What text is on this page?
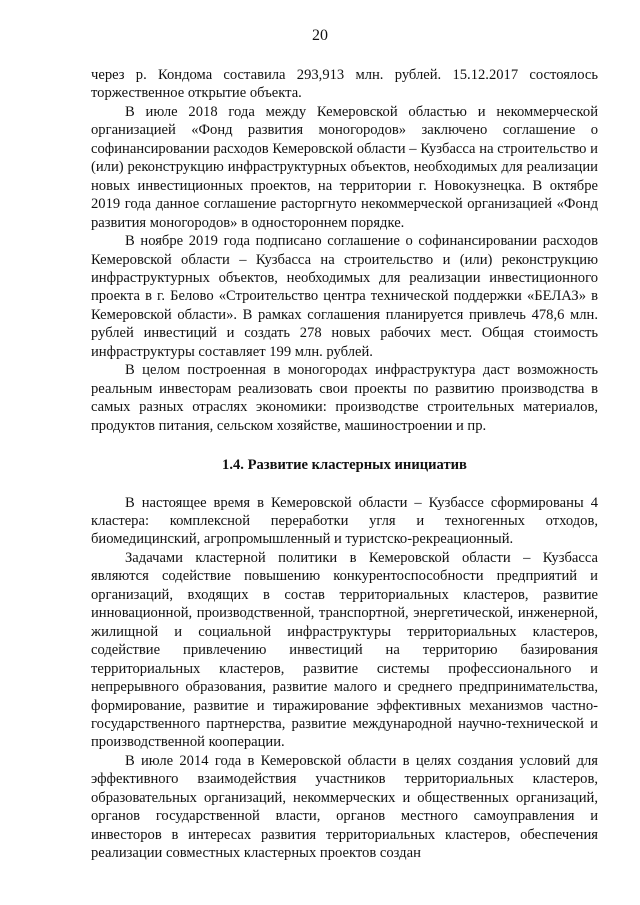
20

через р. Кондома составила 293,913 млн. рублей. 15.12.2017 состоялось торжественное открытие объекта.

В июле 2018 года между Кемеровской областью и некоммерческой организацией «Фонд развития моногородов» заключено соглашение о софинансировании расходов Кемеровской области – Кузбасса на строительство и (или) реконструкцию инфраструктурных объектов, необходимых для реализации новых инвестиционных проектов, на территории г. Новокузнецка. В октябре 2019 года данное соглашение расторгнуто некоммерческой организацией «Фонд развития моногородов» в одностороннем порядке.

В ноябре 2019 года подписано соглашение о софинансировании расходов Кемеровской области – Кузбасса на строительство и (или) реконструкцию инфраструктурных объектов, необходимых для реализации инвестиционного проекта в г. Белово «Строительство центра технической поддержки «БЕЛАЗ» в Кемеровской области». В рамках соглашения планируется привлечь 478,6 млн. рублей инвестиций и создать 278 новых рабочих мест. Общая стоимость инфраструктуры составляет 199 млн. рублей.

В целом построенная в моногородах инфраструктура даст возможность реальным инвесторам реализовать свои проекты по развитию производства в самых разных отраслях экономики: производстве строительных материалов, продуктов питания, сельском хозяйстве, машиностроении и пр.

1.4. Развитие кластерных инициатив

В настоящее время в Кемеровской области – Кузбассе сформированы 4 кластера: комплексной переработки угля и техногенных отходов, биомедицинский, агропромышленный и туристско-рекреационный.

Задачами кластерной политики в Кемеровской области – Кузбасса являются содействие повышению конкурентоспособности предприятий и организаций, входящих в состав территориальных кластеров, развитие инновационной, производственной, транспортной, энергетической, инженерной, жилищной и социальной инфраструктуры территориальных кластеров, содействие привлечению инвестиций на территорию базирования территориальных кластеров, развитие системы профессионального и непрерывного образования, развитие малого и среднего предпринимательства, формирование, развитие и тиражирование эффективных механизмов частно-государственного партнерства, развитие международной научно-технической и производственной кооперации.

В июле 2014 года в Кемеровской области в целях создания условий для эффективного взаимодействия участников территориальных кластеров, образовательных организаций, некоммерческих и общественных организаций, органов государственной власти, органов местного самоуправления и инвесторов в интересах развития территориальных кластеров, обеспечения реализации совместных кластерных проектов создан
